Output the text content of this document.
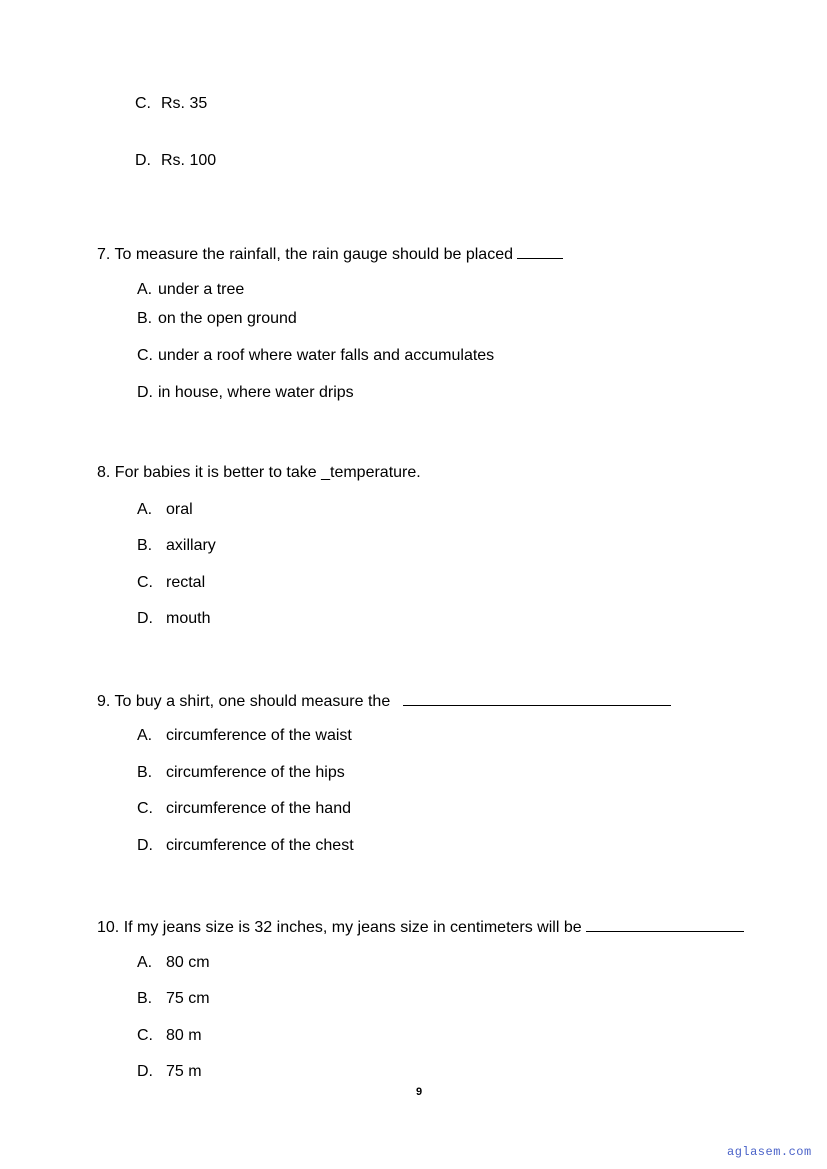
C. Rs. 35
D. Rs. 100
7. To measure the rainfall, the rain gauge should be placed
A. under a tree
B. on the open ground
C. under a roof where water falls and accumulates
D. in house, where water drips
8. For babies it is better to take _temperature.
A. oral
B. axillary
C. rectal
D. mouth
9. To buy a shirt, one should measure the
A. circumference of the waist
B. circumference of the hips
C. circumference of the hand
D. circumference of the chest
10. If my jeans size is 32 inches, my jeans size in centimeters will be
A. 80 cm
B. 75 cm
C. 80 m
D. 75 m
9
aglasem.com
